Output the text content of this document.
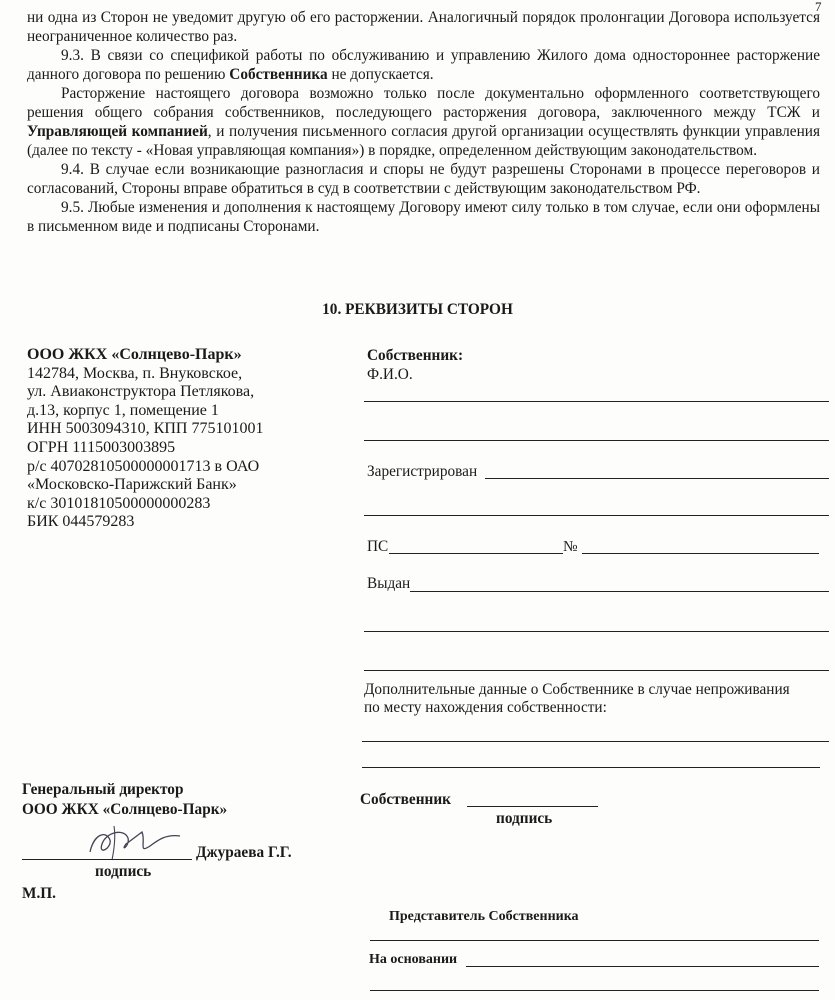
7

ни одна из Сторон не уведомит другую об его расторжении. Аналогичный порядок пролонгации Договора используется неограниченное количество раз.

9.3. В связи со спецификой работы по обслуживанию и управлению Жилого дома одностороннее расторжение данного договора по решению Собственника не допускается.

Расторжение настоящего договора возможно только после документально оформленного соответствующего решения общего собрания собственников, последующего расторжения договора, заключенного между ТСЖ и Управляющей компанией, и получения письменного согласия другой организации осуществлять функции управления (далее по тексту - «Новая управляющая компания») в порядке, определенном действующим законодательством.

9.4. В случае если возникающие разногласия и споры не будут разрешены Сторонами в процессе переговоров и согласований, Стороны вправе обратиться в суд в соответствии с действующим законодательством РФ.

9.5. Любые изменения и дополнения к настоящему Договору имеют силу только в том случае, если они оформлены в письменном виде и подписаны Сторонами.

10. РЕКВИЗИТЫ СТОРОН
ООО ЖКХ «Солнцево-Парк»
142784, Москва, п. Внуковское,
ул. Авиаконструктора Петлякова,
д.13, корпус 1, помещение 1
ИНН 5003094310, КПП 775101001
ОГРН 1115003003895
р/с 40702810500000001713 в ОАО
«Московско-Парижский Банк»
к/с 30101810500000000283
БИК 044579283
Собственник:
Ф.И.О.
Зарегистрирован
ПС	№
Выдан
Дополнительные данные о Собственнике в случае непроживания
по месту нахождения собственности:
Генеральный директор
ООО ЖКХ «Солнцево-Парк»
Джураева Г.Г.
подпись
М.П.
Собственник
подпись
Представитель Собственника
На основании
